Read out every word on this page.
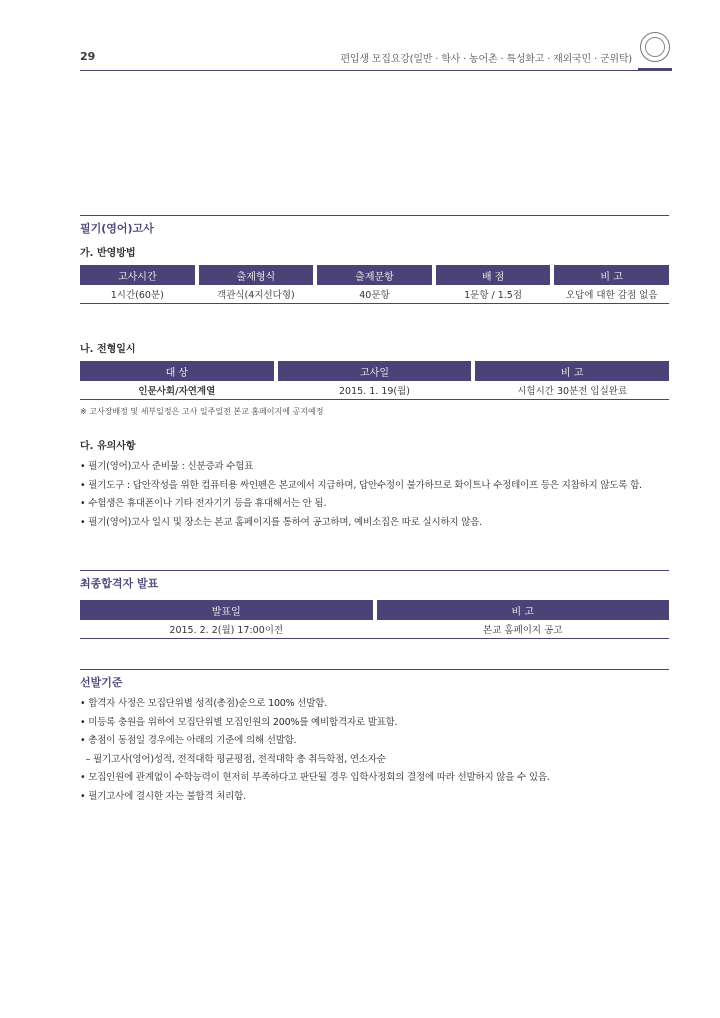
29	편입생 모집요강(일반 · 학사 · 농어촌 · 특성화고 · 재외국민 · 군위탁)
필기(영어)고사
가. 반영방법
고사시간	출제형식	출제문항	배 점	비 고
1시간(60분)	객관식(4지선다형)	40문항	1문항 / 1.5점	오답에 대한 감점 없음
나. 전형일시
대 상	고사일	비 고
인문사회/자연계열	2015. 1. 19(월)	시험시간 30분전 입실완료
※ 고사장배정 및 세부일정은 고사 일주일전 본교 홈페이지에 공지예정
다. 유의사항
• 필기(영어)고사 준비물 : 신분증과 수험표
• 필기도구 : 답안작성을 위한 컴퓨터용 싸인펜은 본교에서 지급하며, 답안수정이 불가하므로 화이트나 수정테이프 등은 지참하지 않도록 함.
• 수험생은 휴대폰이나 기타 전자기기 등을 휴대해서는 안 됨.
• 필기(영어)고사 일시 및 장소는 본교 홈페이지를 통하여 공고하며, 예비소집은 따로 실시하지 않음.
최종합격자 발표
발표일	비 고
2015. 2. 2(월) 17:00이전	본교 홈페이지 공고
선발기준
• 합격자 사정은 모집단위별 성적(총점)순으로 100% 선발함.
• 미등록 충원을 위하여 모집단위별 모집인원의 200%를 예비합격자로 발표함.
• 총점이 동점일 경우에는 아래의 기준에 의해 선발함.
– 필기고사(영어)성적, 전적대학 평균평점, 전적대학 총 취득학점, 연소자순
• 모집인원에 관계없이 수학능력이 현저히 부족하다고 판단될 경우 입학사정회의 결정에 따라 선발하지 않을 수 있음.
• 필기고사에 결시한 자는 불합격 처리함.
